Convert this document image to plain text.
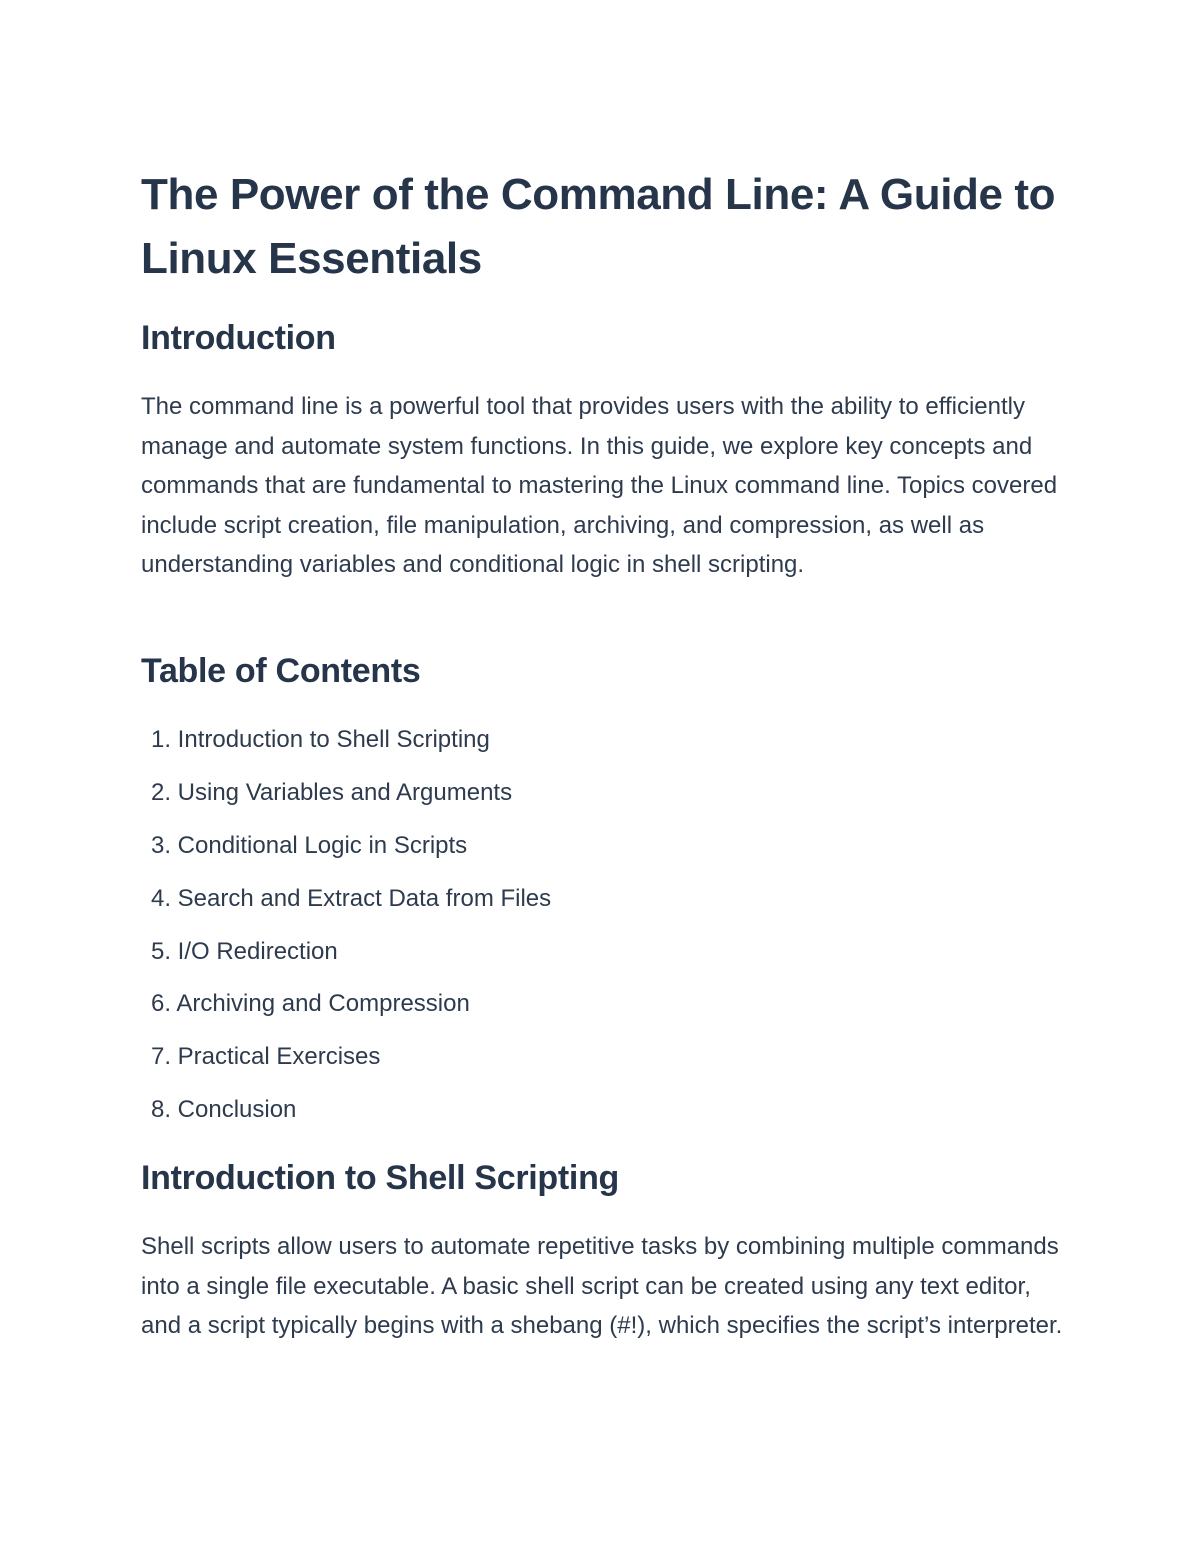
The Power of the Command Line: A Guide to Linux Essentials
Introduction

The command line is a powerful tool that provides users with the ability to efficiently manage and automate system functions. In this guide, we explore key concepts and commands that are fundamental to mastering the Linux command line. Topics covered include script creation, file manipulation, archiving, and compression, as well as understanding variables and conditional logic in shell scripting.

Table of Contents
1. Introduction to Shell Scripting
2. Using Variables and Arguments
3. Conditional Logic in Scripts
4. Search and Extract Data from Files
5. I/O Redirection
6. Archiving and Compression
7. Practical Exercises
8. Conclusion
Introduction to Shell Scripting

Shell scripts allow users to automate repetitive tasks by combining multiple commands into a single file executable. A basic shell script can be created using any text editor, and a script typically begins with a shebang (#!), which specifies the script’s interpreter.
